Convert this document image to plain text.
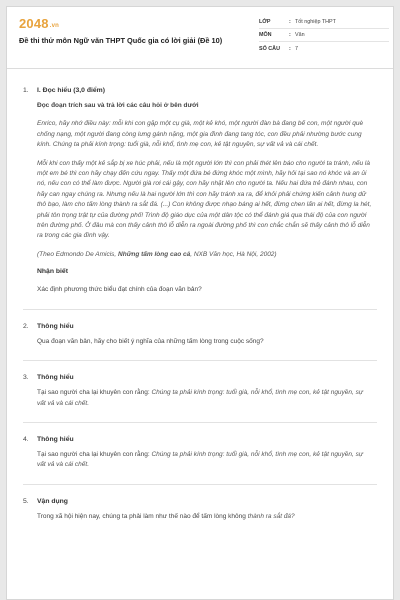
2048.vn
Đề thi thử môn Ngữ văn THPT Quốc gia có lời giải (Đề 10)
LỚP	: Tốt nghiệp THPT
MÔN	: Văn
SỐ CÂU	: 7
1.	I. Đọc hiểu (3,0 điểm)
Đọc đoạn trích sau và trả lời các câu hỏi ở bên dưới
Enrico, hãy nhớ điều này: mỗi khi con gặp một cụ già, một kẻ khó, một người đàn bà đang bế con, một người què chống nạng, một người đang còng lưng gánh nặng, một gia đình đang tang tóc, con đều phải nhường bước cung kính. Chúng ta phải kính trọng: tuổi già, nỗi khổ, tình mẹ con, kẻ tật nguyền, sự vất vả và cái chết.
Mỗi khi con thấy một kẻ sắp bị xe húc phải, nếu là một người lớn thì con phải thét lên báo cho người ta tránh, nếu là một em bé thì con hãy chạy đến cứu ngay. Thấy một đứa bé đứng khóc một mình, hãy hỏi tại sao nó khóc và an ủi nó, nếu con có thể làm được. Người già rơi cái gậy, con hãy nhặt lên cho người ta. Nếu hai đứa trẻ đánh nhau, con hãy can ngay chúng ra. Nhưng nếu là hai người lớn thì con hãy tránh xa ra, để khỏi phải chứng kiến cảnh hung dữ thô bạo, làm cho tấm lòng thành ra sắt đá. (...) Con không được nhạo báng ai hết, đừng chen lấn ai hết, đừng la hét, phải tôn trọng trật tự của đường phố! Trình độ giáo dục của một dân tộc có thể đánh giá qua thái độ của con người trên đường phố. Ở đâu mà con thấy cảnh thô lỗ diễn ra ngoài đường phố thì con chắc chắn sẽ thấy cảnh thô lỗ diễn ra trong các gia đình vậy.
(Theo Edmondo De Amicis, Những tấm lòng cao cả, NXB Văn học, Hà Nội, 2002)
Nhận biết
Xác định phương thức biểu đạt chính của đoạn văn bản?
2.	Thông hiểu
Qua đoạn văn bản, hãy cho biết ý nghĩa của những tấm lòng trong cuộc sống?
3.	Thông hiểu
Tại sao người cha lại khuyên con rằng: Chúng ta phải kính trọng: tuổi già, nỗi khổ, tình mẹ con, kẻ tật nguyền, sự vất vả và cái chết.
4.	Thông hiểu
Tại sao người cha lại khuyên con rằng: Chúng ta phải kính trọng: tuổi già, nỗi khổ, tình mẹ con, kẻ tật nguyền, sự vất vả và cái chết.
5.	Vận dụng
Trong xã hội hiện nay, chúng ta phải làm như thế nào để tấm lòng không thành ra sắt đá?
